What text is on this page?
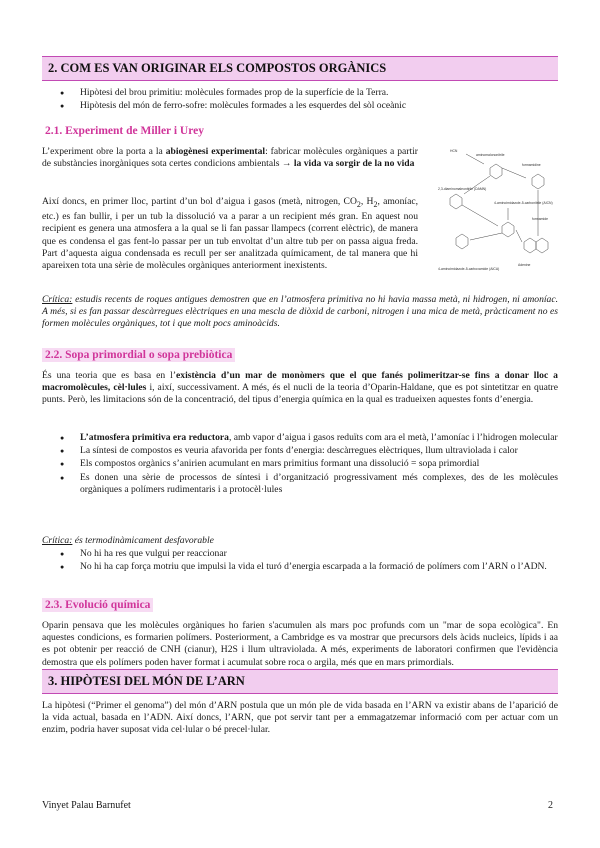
2. COM ES VAN ORIGINAR ELS COMPOSTOS ORGÀNICS
● Hipòtesi del brou primitiu: molècules formades prop de la superfície de la Terra.
● Hipòtesis del món de ferro-sofre: molècules formades a les esquerdes del sòl oceànic
2.1. Experiment de Miller i Urey
L’experiment obre la porta a la abiogènesi experimental: fabricar molècules orgàniques a partir de substàncies inorgàniques sota certes condicions ambientals → la vida va sorgir de la no vida
Així doncs, en primer lloc, partint d’un bol d’aigua i gasos (metà, nitrogen, $CO_2$, $H_2$, amoníac, etc.) es fan bullir, i per un tub la dissolució va a parar a un recipient més gran. En aquest nou recipient es genera una atmosfera a la qual se li fan passar llampecs (corrent elèctric), de manera que es condensa el gas fent-lo passar per un tub envoltat d’un altre tub per on passa aigua freda. Part d’aquesta aigua condensada es recull per ser analitzada químicament, de tal manera que hi apareixen tota una sèrie de molècules orgàniques anteriorment inexistents.
HCN
aminomalononitrile
formamidine
2,3-diaminomaleonitrile (DAMN)
4-aminoimidazole-5-carbonitrile (AICN)
4-aminoimidazole-5-carboxamide (AICA)
Adenine
formamide
Crítica: estudis recents de roques antigues demostren que en l’atmosfera primitiva no hi havia massa metà, ni hidrogen, ni amoníac. A més, si es fan passar descàrregues elèctriques en una mescla de diòxid de carboni, nitrogen i una mica de metà, pràcticament no es formen molècules orgàniques, tot i que molt pocs aminoàcids.
2.2. Sopa primordial o sopa prebiòtica
És una teoria que es basa en l’existència d’un mar de monòmers que el que fanés polimeritzar-se fins a donar lloc a macromolècules, cèl·lules i, així, successivament. A més, és el nucli de la teoria d’Oparin-Haldane, que es pot sintetitzar en quatre punts. Però, les limitacions són de la concentració, del tipus d’energia química en la qual es tradueixen aquestes fonts d’energia.
● L’atmosfera primitiva era reductora, amb vapor d’aigua i gasos reduïts com ara el metà, l’amoníac i l’hidrogen molecular
● La síntesi de compostos es veuria afavorida per fonts d’energia: descàrregues elèctriques, llum ultraviolada i calor
● Els compostos orgànics s’anirien acumulant en mars primitius formant una dissolució = sopa primordial
● Es donen una sèrie de processos de síntesi i d’organització progressivament més complexes, des de les molècules orgàniques a polímers rudimentaris i a protocèl·lules
Crítica: és termodinàmicament desfavorable
● No hi ha res que vulgui per reaccionar
● No hi ha cap força motriu que impulsi la vida el turó d’energia escarpada a la formació de polímers com l’ARN o l’ADN.
2.3. Evolució química
Oparin pensava que les molècules orgàniques ho farien s'acumulen als mars poc profunds com un "mar de sopa ecològica". En aquestes condicions, es formarien polímers. Posteriorment, a Cambridge es va mostrar que precursors dels àcids nucleics, lípids i aa es pot obtenir per reacció de CNH (cianur), H2S i llum ultraviolada. A més, experiments de laboratori confirmen que l'evidència demostra que els polímers poden haver format i acumulat sobre roca o argila, més que en mars primordials.
3. HIPÒTESI DEL MÓN DE L’ARN
La hipòtesi (“Primer el genoma”) del món d’ARN postula que un món ple de vida basada en l’ARN va existir abans de l’aparició de la vida actual, basada en l’ADN. Així doncs, l’ARN, que pot servir tant per a emmagatzemar informació com per actuar com un enzim, podria haver suposat vida cel·lular o bé precel·lular.
Vinyet Palau Barnufet	2
